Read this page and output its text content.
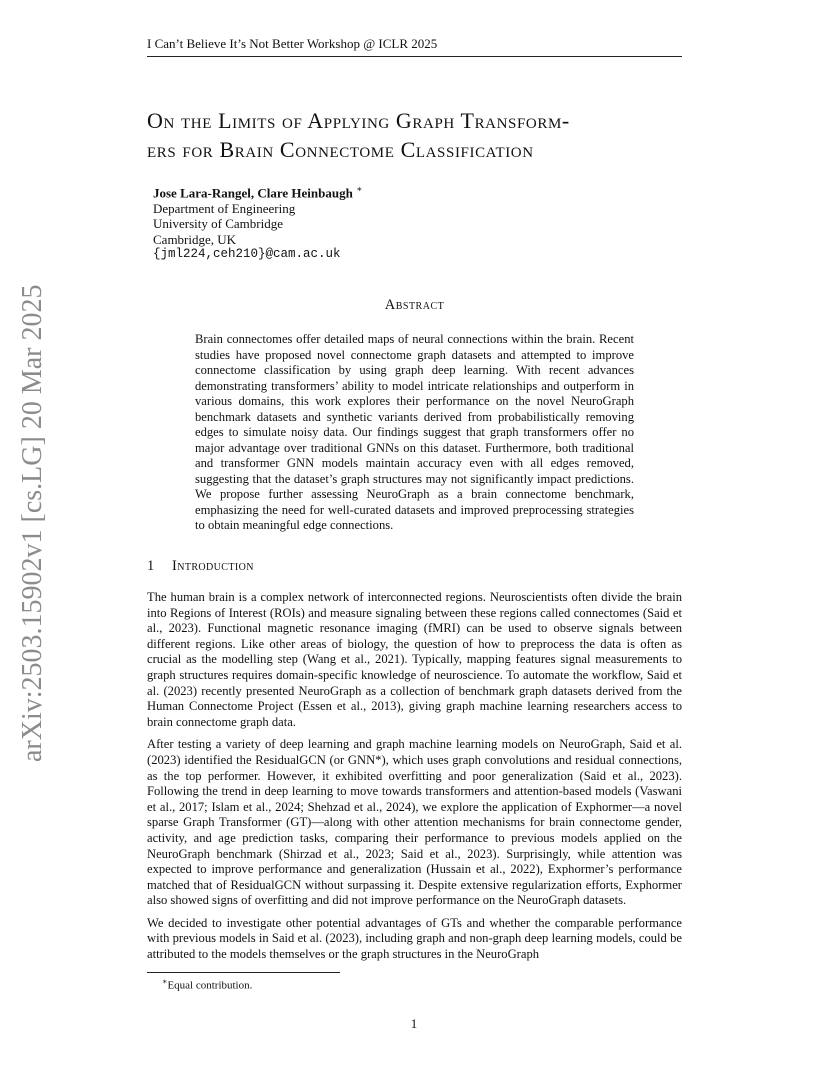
I Can’t Believe It’s Not Better Workshop @ ICLR 2025
On the Limits of Applying Graph Transform-
ers for Brain Connectome Classification
Jose Lara-Rangel, Clare Heinbaugh ∗
Department of Engineering
University of Cambridge
Cambridge, UK
{jml224,ceh210}@cam.ac.uk
arXiv:2503.15902v1 [cs.LG] 20 Mar 2025	Abstract
Brain connectomes offer detailed maps of neural connections within the brain. Recent studies have proposed novel connectome graph datasets and attempted to improve connectome classification by using graph deep learning. With recent advances demonstrating transformers’ ability to model intricate relationships and outperform in various domains, this work explores their performance on the novel NeuroGraph benchmark datasets and synthetic variants derived from probabilistically removing edges to simulate noisy data. Our findings suggest that graph transformers offer no major advantage over traditional GNNs on this dataset. Furthermore, both traditional and transformer GNN models maintain accuracy even with all edges removed, suggesting that the dataset’s graph structures may not significantly impact predictions. We propose further assessing NeuroGraph as a brain connectome benchmark, emphasizing the need for well-curated datasets and improved preprocessing strategies to obtain meaningful edge connections.
1 Introduction

The human brain is a complex network of interconnected regions. Neuroscientists often divide the brain into Regions of Interest (ROIs) and measure signaling between these regions called connectomes (Said et al., 2023). Functional magnetic resonance imaging (fMRI) can be used to observe signals between different regions. Like other areas of biology, the question of how to preprocess the data is often as crucial as the modelling step (Wang et al., 2021). Typically, mapping features signal measurements to graph structures requires domain-specific knowledge of neuroscience. To automate the workflow, Said et al. (2023) recently presented NeuroGraph as a collection of benchmark graph datasets derived from the Human Connectome Project (Essen et al., 2013), giving graph machine learning researchers access to brain connectome graph data.

After testing a variety of deep learning and graph machine learning models on NeuroGraph, Said et al. (2023) identified the ResidualGCN (or GNN*), which uses graph convolutions and residual connections, as the top performer. However, it exhibited overfitting and poor generalization (Said et al., 2023). Following the trend in deep learning to move towards transformers and attention-based models (Vaswani et al., 2017; Islam et al., 2024; Shehzad et al., 2024), we explore the application of Exphormer—a novel sparse Graph Transformer (GT)—along with other attention mechanisms for brain connectome gender, activity, and age prediction tasks, comparing their performance to previous models applied on the NeuroGraph benchmark (Shirzad et al., 2023; Said et al., 2023). Surprisingly, while attention was expected to improve performance and generalization (Hussain et al., 2022), Exphormer’s performance matched that of ResidualGCN without surpassing it. Despite extensive regularization efforts, Exphormer also showed signs of overfitting and did not improve performance on the NeuroGraph datasets.

We decided to investigate other potential advantages of GTs and whether the comparable performance with previous models in Said et al. (2023), including graph and non-graph deep learning models, could be attributed to the models themselves or the graph structures in the NeuroGraph

∗Equal contribution.
1
